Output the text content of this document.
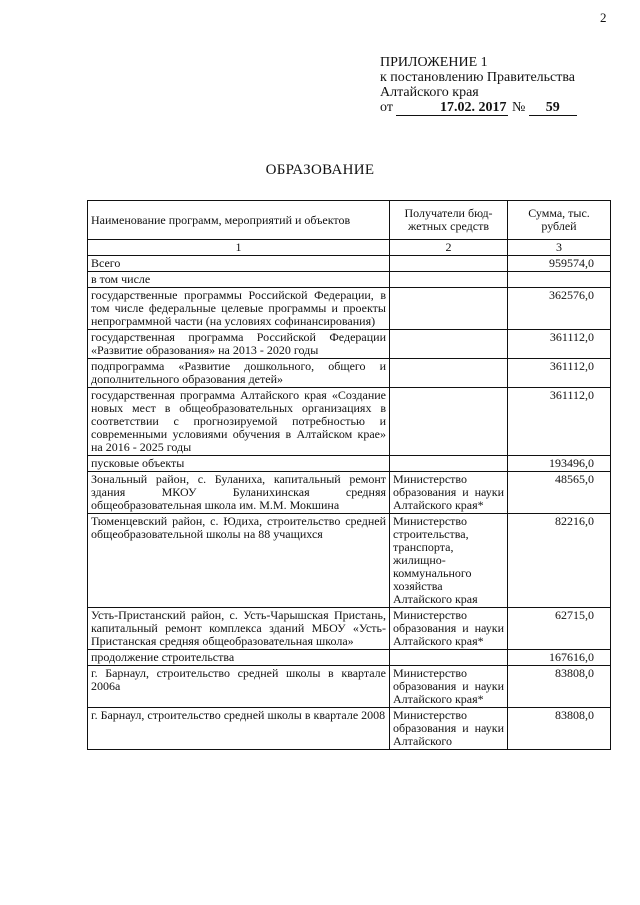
2
ПРИЛОЖЕНИЕ 1
к постановлению Правительства
Алтайского края
от	17.02. 2017 № 59
ОБРАЗОВАНИЕ
Наименование программ, мероприятий и объектов	Получатели бюд-жетных средств	Сумма, тыс. рублей
1	2	3
Всего		959574,0
в том числе		
государственные программы Российской Федерации, в том числе федеральные целевые программы и проекты непрограммной части (на условиях софинансирования)		362576,0
государственная программа Российской Федерации «Развитие образования» на 2013 - 2020 годы		361112,0
подпрограмма «Развитие дошкольного, общего и дополнительного образования детей»		361112,0
государственная программа Алтайского края «Создание новых мест в общеобразовательных организациях в соответствии с прогнозируемой потребностью и современными условиями обучения в Алтайском крае» на 2016 - 2025 годы		361112,0
пусковые объекты		193496,0
Зональный район, с. Буланиха, капитальный ремонт здания МКОУ Буланихинская средняя общеобразовательная школа им. М.М. Мокшина	Министерство образования и науки Алтайского края*	48565,0
Тюменцевский район, с. Юдиха, строительство средней общеобразовательной школы на 88 учащихся	Министерство строительства, транспорта, жилищно-коммунального хозяйства Алтайского края	82216,0
Усть-Пристанский район, с. Усть-Чарышская Пристань, капитальный ремонт комплекса зданий МБОУ «Усть-Пристанская средняя общеобразовательная школа»	Министерство образования и науки Алтайского края*	62715,0
продолжение строительства		167616,0
г. Барнаул, строительство средней школы в квартале 2006а	Министерство образования и науки Алтайского края*	83808,0
г. Барнаул, строительство средней школы в квартале 2008	Министерство образования и науки Алтайского	83808,0
